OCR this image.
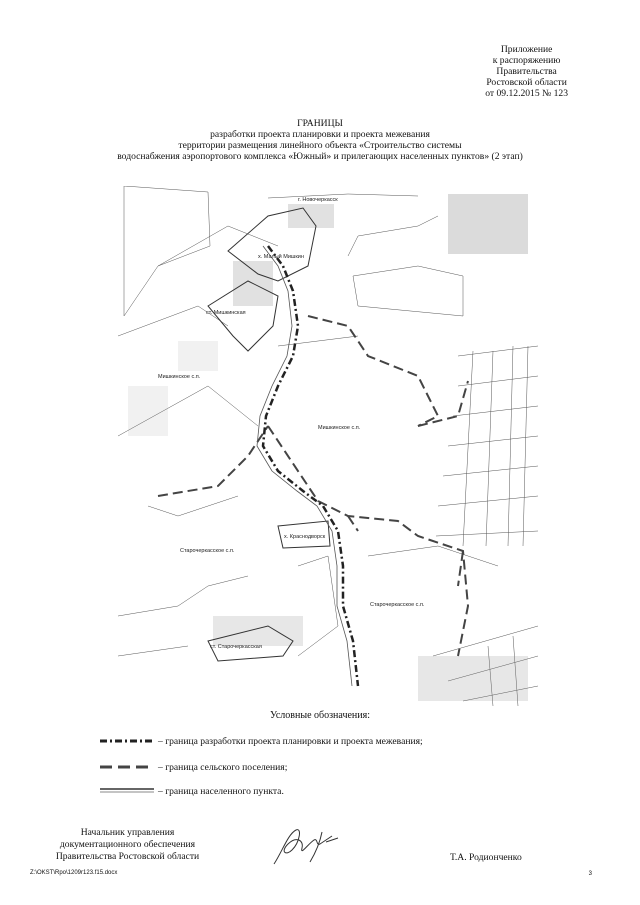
Приложение
к распоряжению
Правительства
Ростовской области
от 09.12.2015 № 123
ГРАНИЦЫ
разработки проекта планировки и проекта межевания
территории размещения линейного объекта «Строительство системы
водоснабжения аэропортового комплекса «Южный» и прилегающих населенных пунктов» (2 этап)
г. Новочеркасск
х. Малый Мишкин
ст. Мишкинская
Мишкинское с.п.
Мишкинское с.п.
х. Краснодворск
Старочеркасское с.п.
Старочеркасское с.п.
ст. Старочеркасская
Условные обозначения:
– граница разработки проекта планировки и проекта межевания;
– граница сельского поселения;
– граница населенного пункта.
Начальник управления
документационного обеспечения
Правительства Ростовской области	Т.А. Родионченко
Z:\OKST\Rpo\1209r123.f15.docx	3
